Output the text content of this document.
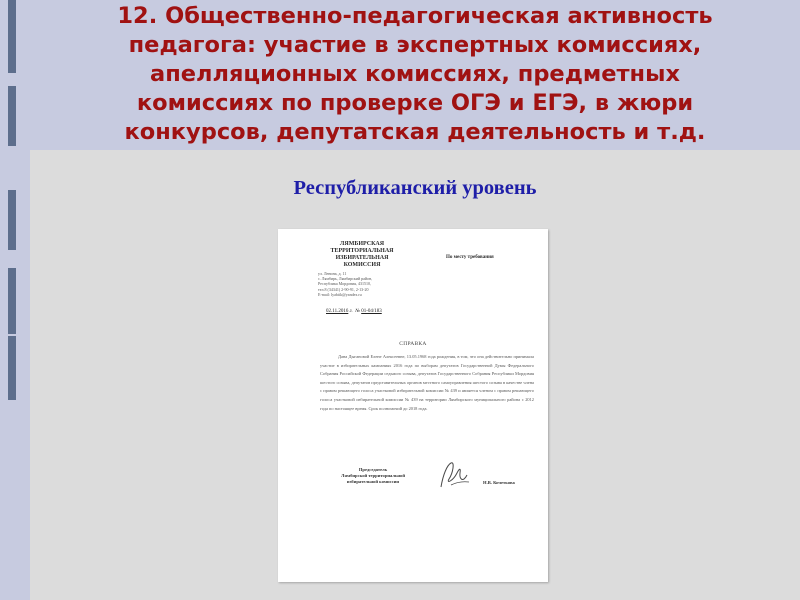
12. Общественно-педагогическая активность
педагога: участие в экспертных комиссиях,
апелляционных комиссиях, предметных
комиссиях по проверке ОГЭ и ЕГЭ, в жюри
конкурсов, депутатская деятельность и т.д.
Республиканский уровень
ЛЯМБИРСКАЯ
ТЕРРИТОРИАЛЬНАЯ
ИЗБИРАТЕЛЬНАЯ
КОМИССИЯ
ул. Ленина, д. 11
с. Лямбирь, Лямбирский район,
Республика Мордовия, 431510,
тел.8 (34341) 2-90-91, 2-13-20
E-mail: lyabtik@yandex.ru
По месту требования
02.11.2016 г. № 01-04/183
СПРАВКА

Дана Дыгановой Елене Алексеевне, 13.05.1968 года рождения, в том, что она действительно принимала участие в избирательных кампаниях 2016 года по выборам депутатов Государственной Думы Федерального Собрания Российской Федерации седьмого созыва, депутатов Государственного Собрания Республики Мордовия шестого созыва, депутатов представительных органов местного самоуправления шестого созыва в качестве члена с правом решающего голоса участковой избирательной комиссии № 439 и является членом с правом решающего голоса участковой избирательной комиссии № 439 на территории Лямбирского муниципального района с 2012 года по настоящее время. Срок полномочий до 2018 года.

Председатель
Лямбирской территориальной
избирательной комиссии	Н.В. Кочеткова
